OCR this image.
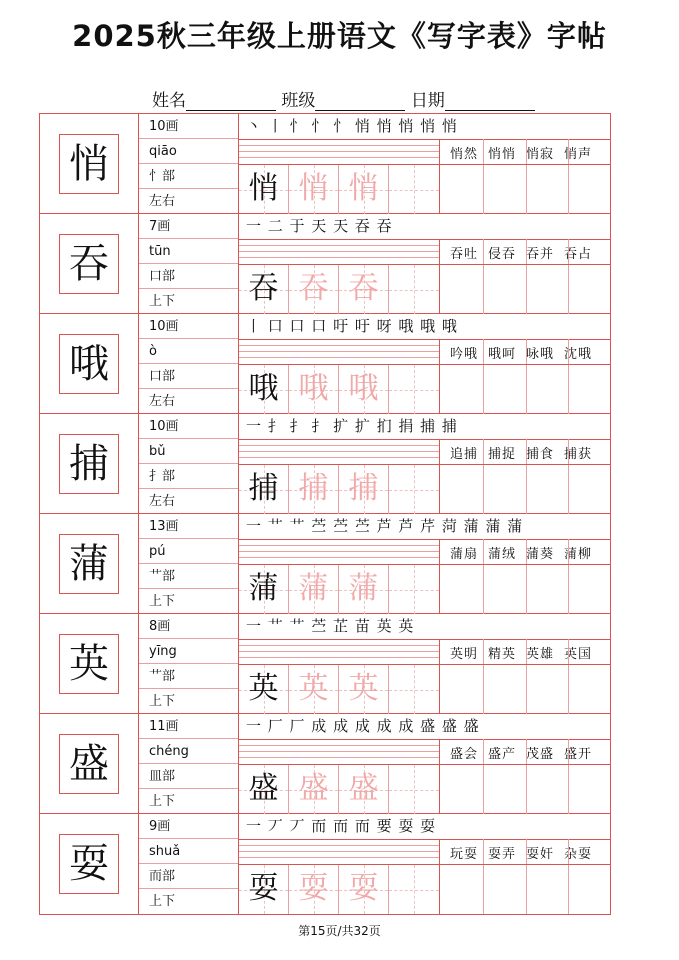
2025秋三年级上册语文《写字表》字帖
姓名	班级	日期
悄
10画
qiāo
忄部
左右
丶 丨 忄 忄 忄 悄 悄 悄 悄 悄
悄 悄 悄
悄然 悄悄 悄寂 悄声
吞
7画
tūn
口部
上下
一 二 于 天 天 吞 吞
吞 吞 吞
吞吐 侵吞 吞并 吞占
哦
10画
ò
口部
左右
丨 口 口 口 吁 吁 呀 哦 哦 哦
哦 哦 哦
吟哦 哦呵 咏哦 沈哦
捕
10画
bǔ
扌部
左右
一 扌 扌 扌 扩 扩 扪 捐 捕 捕
捕 捕 捕
追捕 捕捉 捕食 捕获
蒲
13画
pú
艹部
上下
一 艹 艹 苎 苎 苎 芦 芦 芹 菏 蒲 蒲 蒲
蒲 蒲 蒲
蒲扇 蒲绒 蒲葵 蒲柳
英
8画
yīng
艹部
上下
一 艹 艹 苎 芷 苗 英 英
英 英 英
英明 精英 英雄 英国
盛
11画
chéng
皿部
上下
一 厂 厂 成 成 成 成 成 盛 盛 盛
盛 盛 盛
盛会 盛产 茂盛 盛开
耍
9画
shuǎ
而部
上下
一 丆 丆 而 而 而 要 耍 耍
耍 耍 耍
玩耍 耍弄 耍奸 杂耍
第15页/共32页
